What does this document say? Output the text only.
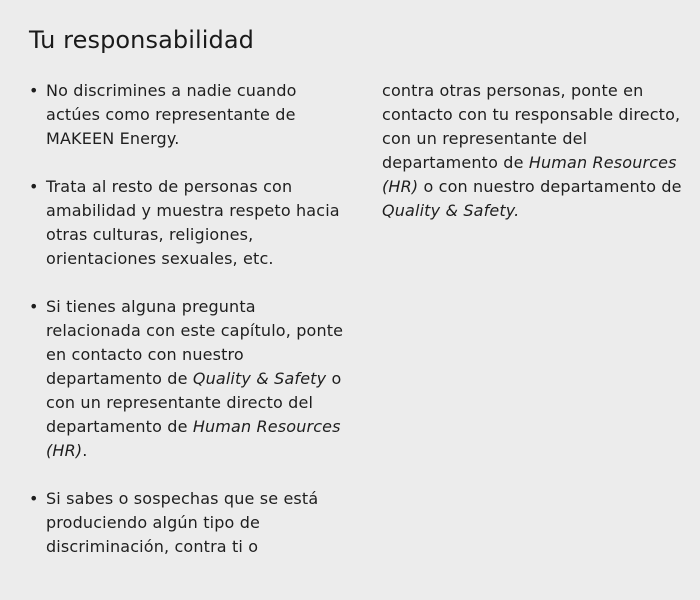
Tu responsabilidad
• No discrimines a nadie cuando actúes como representante de MAKEEN Energy.
• Trata al resto de personas con amabilidad y muestra respeto hacia otras culturas, religiones, orientaciones sexuales, etc.
• Si tienes alguna pregunta relacionada con este capítulo, ponte en contacto con nuestro departamento de Quality & Safety o con un representante directo del departamento de Human Resources (HR).
• Si sabes o sospechas que se está produciendo algún tipo de discriminación, contra ti o

contra otras personas, ponte en contacto con tu responsable directo, con un representante del departamento de Human Resources (HR) o con nuestro departamento de Quality & Safety.
